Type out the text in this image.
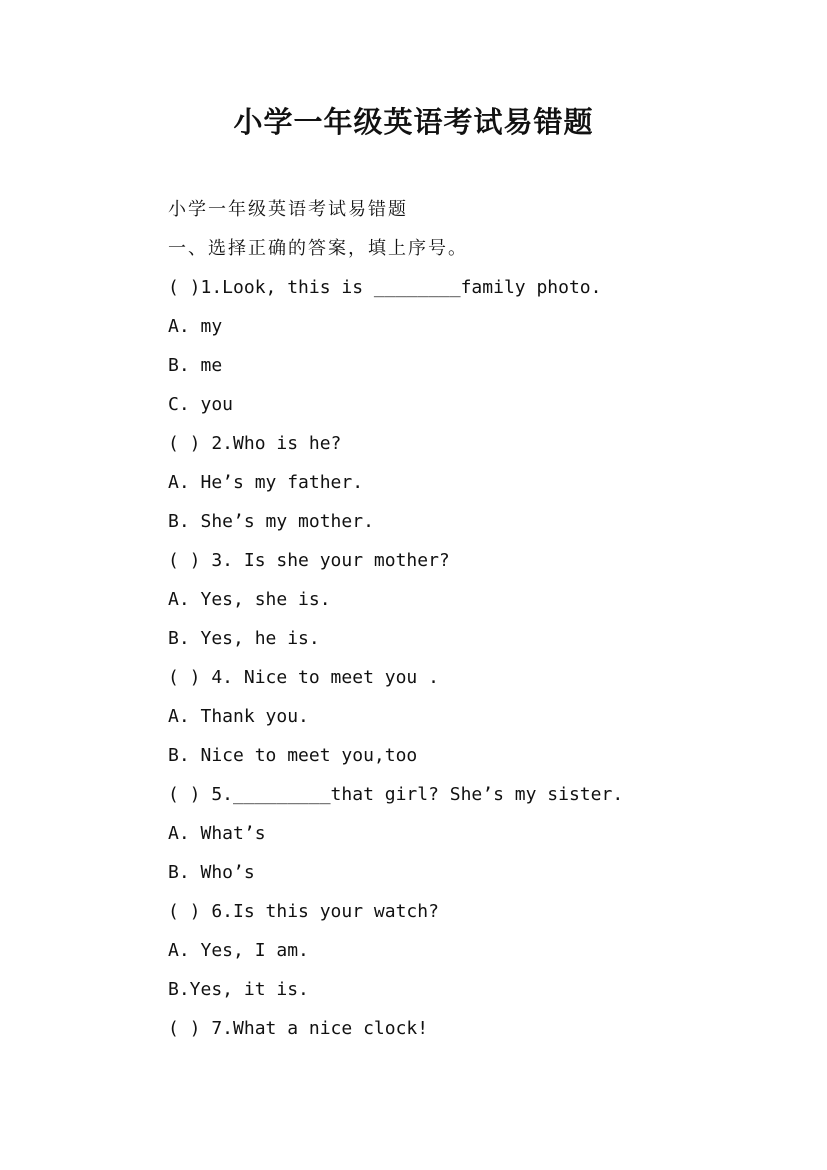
小学一年级英语考试易错题
小学一年级英语考试易错题
一、选择正确的答案，填上序号。
( )1.Look, this is ________family photo.
A. my
B. me
C. you
( ) 2.Who is he?
A. He’s my father.
B. She’s my mother.
( ) 3. Is she your mother?
A. Yes, she is.
B. Yes, he is.
( ) 4. Nice to meet you .
A. Thank you.
B. Nice to meet you,too
( ) 5._________that girl? She’s my sister.
A. What’s
B. Who’s
( ) 6.Is this your watch?
A. Yes, I am.
B.Yes, it is.
( ) 7.What a nice clock!
